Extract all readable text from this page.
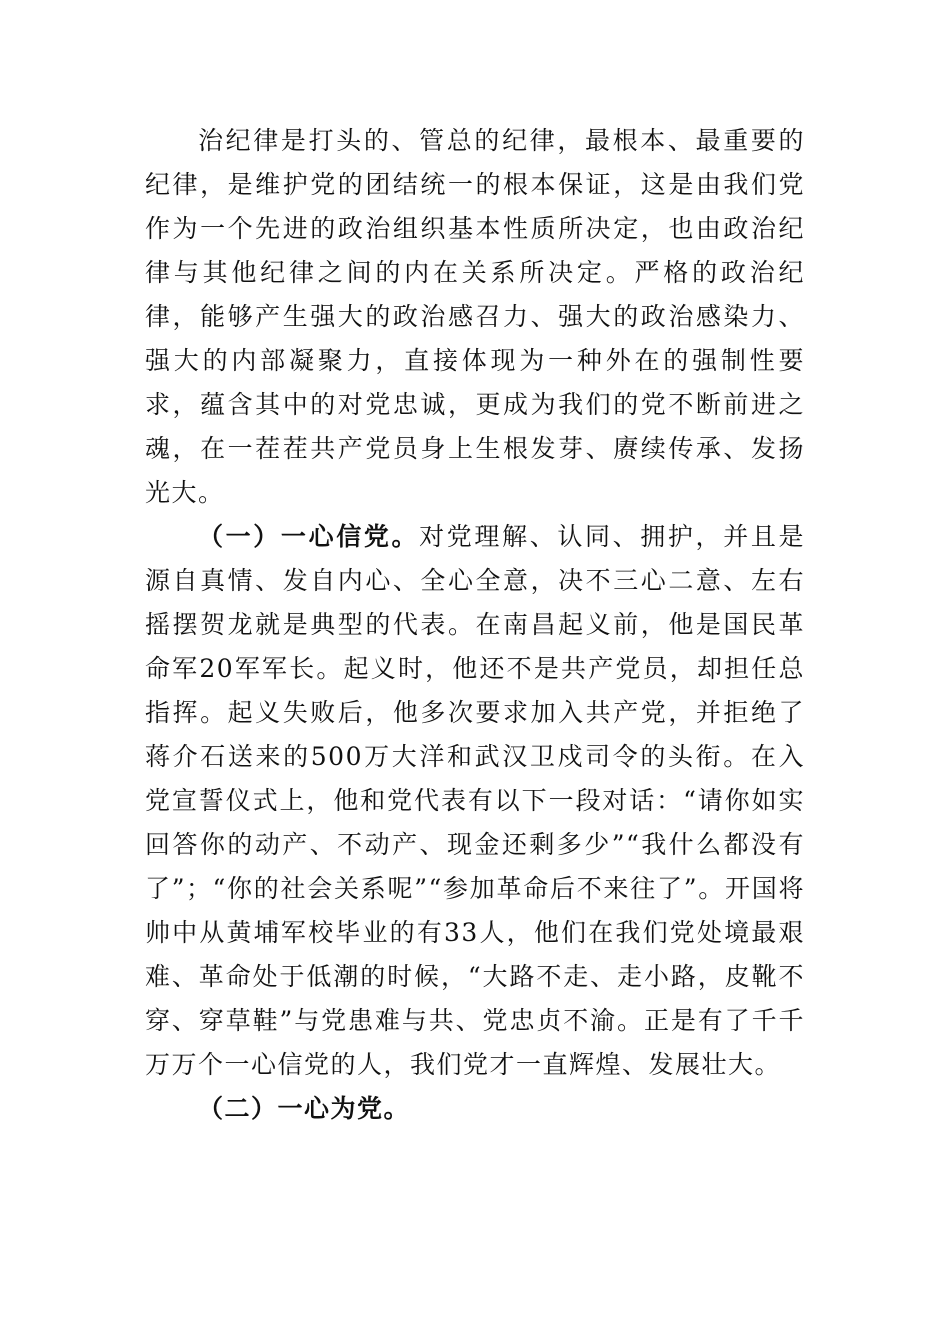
治纪律是打头的、管总的纪律，最根本、最重要的纪律，是维护党的团结统一的根本保证，这是由我们党作为一个先进的政治组织基本性质所决定，也由政治纪律与其他纪律之间的内在关系所决定。严格的政治纪律，能够产生强大的政治感召力、强大的政治感染力、强大的内部凝聚力，直接体现为一种外在的强制性要求，蕴含其中的对党忠诚，更成为我们的党不断前进之魂，在一茬茬共产党员身上生根发芽、赓续传承、发扬光大。

（一）一心信党。对党理解、认同、拥护，并且是源自真情、发自内心、全心全意，决不三心二意、左右摇摆贺龙就是典型的代表。在南昌起义前，他是国民革命军20军军长。起义时，他还不是共产党员，却担任总指挥。起义失败后，他多次要求加入共产党，并拒绝了蒋介石送来的500万大洋和武汉卫戍司令的头衔。在入党宣誓仪式上，他和党代表有以下一段对话：“请你如实回答你的动产、不动产、现金还剩多少”“我什么都没有了”；“你的社会关系呢”“参加革命后不来往了”。开国将帅中从黄埔军校毕业的有33人，他们在我们党处境最艰难、革命处于低潮的时候，“大路不走、走小路，皮靴不穿、穿草鞋”与党患难与共、党忠贞不渝。正是有了千千万万个一心信党的人，我们党才一直辉煌、发展壮大。

（二）一心为党。
